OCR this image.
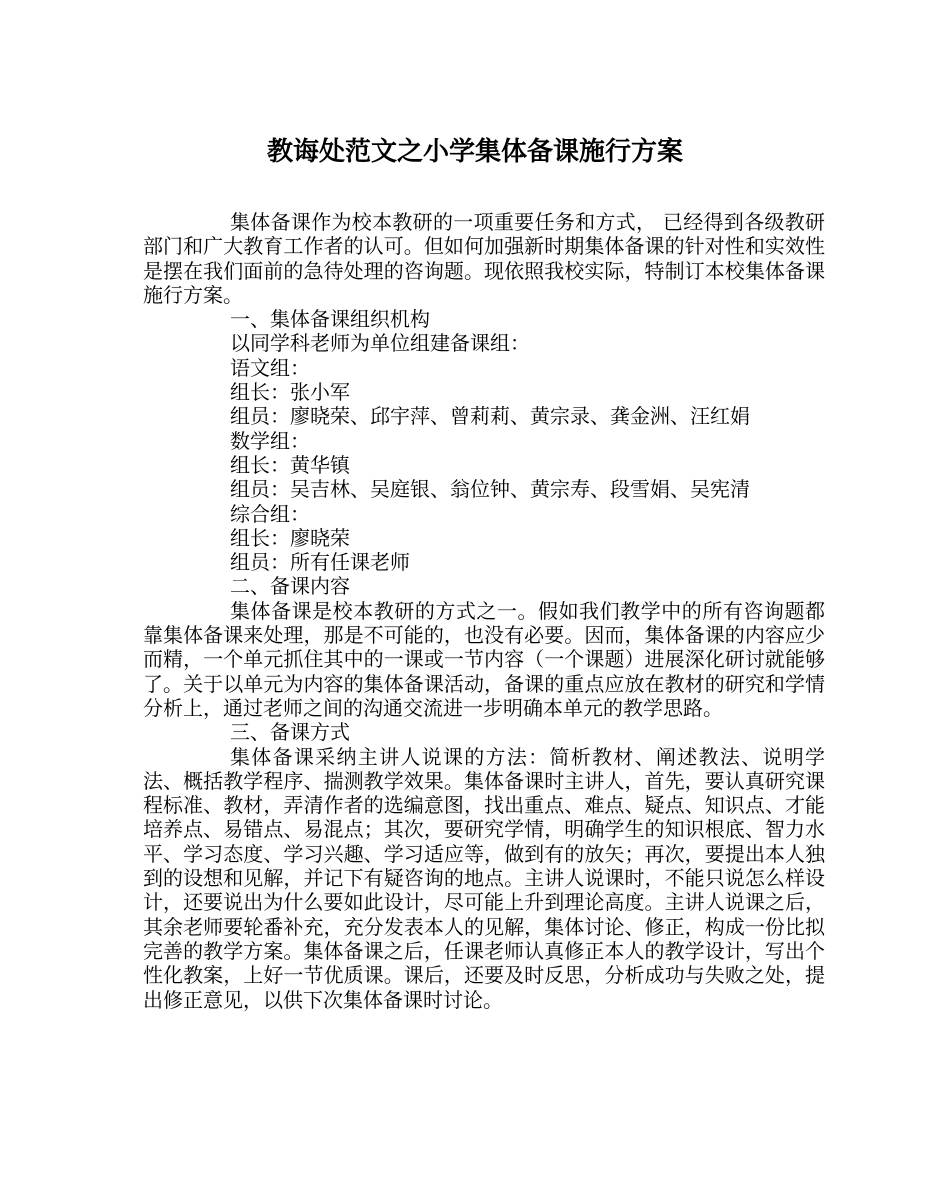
教诲处范文之小学集体备课施行方案

集体备课作为校本教研的一项重要任务和方式， 已经得到各级教研部门和广大教育工作者的认可。但如何加强新时期集体备课的针对性和实效性是摆在我们面前的急待处理的咨询题。现依照我校实际，特制订本校集体备课施行方案。

一、集体备课组织机构

以同学科老师为单位组建备课组：

语文组：

组长：张小军

组员：廖晓荣、邱宇萍、曾莉莉、黄宗录、龚金洲、汪红娟

数学组：

组长：黄华镇

组员：吴吉林、吴庭银、翁位钟、黄宗寿、段雪娟、吴宪清

综合组：

组长：廖晓荣

组员：所有任课老师

二、备课内容

集体备课是校本教研的方式之一。假如我们教学中的所有咨询题都靠集体备课来处理，那是不可能的，也没有必要。因而，集体备课的内容应少而精，一个单元抓住其中的一课或一节内容（一个课题）进展深化研讨就能够了。关于以单元为内容的集体备课活动，备课的重点应放在教材的研究和学情分析上，通过老师之间的沟通交流进一步明确本单元的教学思路。

三、备课方式

集体备课采纳主讲人说课的方法：简析教材、阐述教法、说明学法、概括教学程序、揣测教学效果。集体备课时主讲人，首先，要认真研究课程标准、教材，弄清作者的选编意图，找出重点、难点、疑点、知识点、才能培养点、易错点、易混点；其次，要研究学情，明确学生的知识根底、智力水平、学习态度、学习兴趣、学习适应等，做到有的放矢；再次，要提出本人独到的设想和见解，并记下有疑咨询的地点。主讲人说课时，不能只说怎么样设计，还要说出为什么要如此设计，尽可能上升到理论高度。主讲人说课之后，其余老师要轮番补充，充分发表本人的见解，集体讨论、修正，构成一份比拟完善的教学方案。集体备课之后，任课老师认真修正本人的教学设计，写出个性化教案，上好一节优质课。课后，还要及时反思，分析成功与失败之处，提出修正意见，以供下次集体备课时讨论。
